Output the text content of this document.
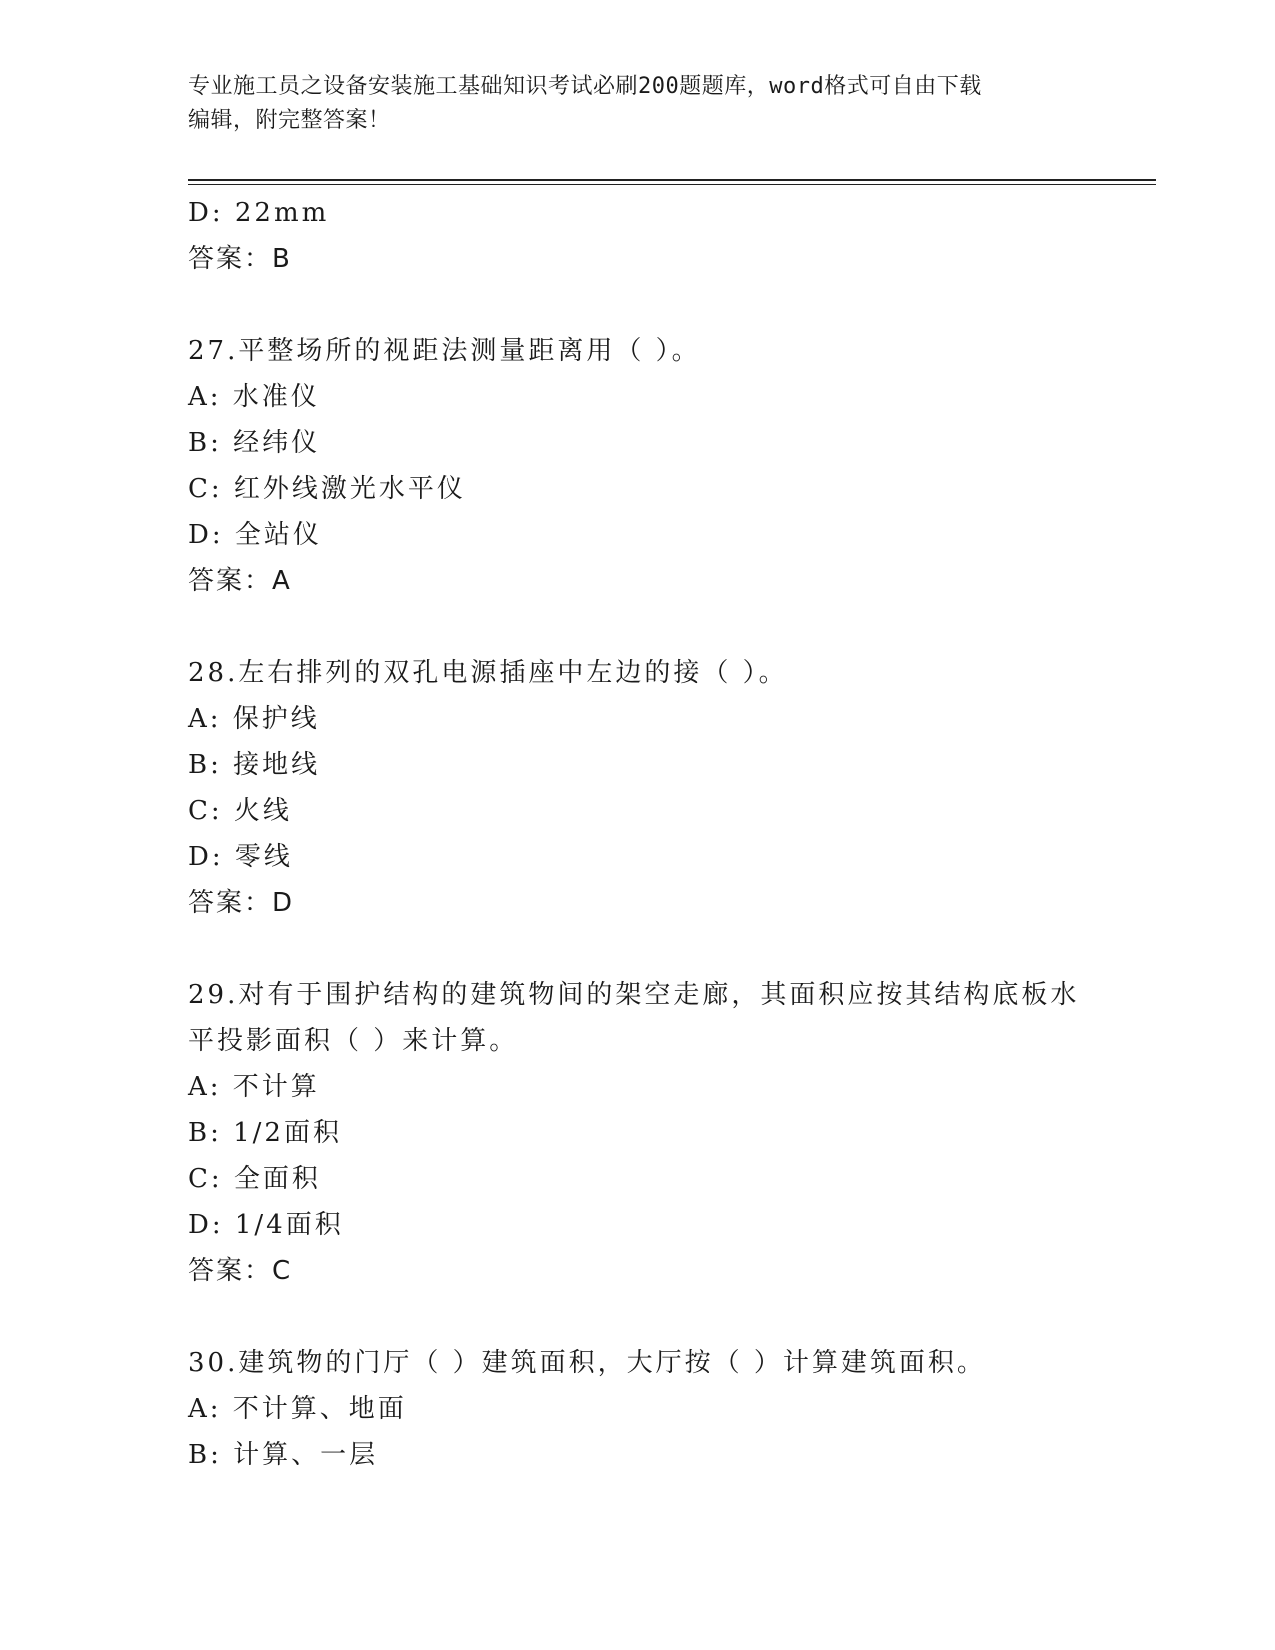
专业施工员之设备安装施工基础知识考试必刷200题题库，word格式可自由下载
编辑，附完整答案！
D: 22mm
答案：B
27.平整场所的视距法测量距离用（ ）。
A: 水准仪
B: 经纬仪
C: 红外线激光水平仪
D: 全站仪
答案：A
28.左右排列的双孔电源插座中左边的接（ ）。
A: 保护线
B: 接地线
C: 火线
D: 零线
答案：D
29.对有于围护结构的建筑物间的架空走廊，其面积应按其结构底板水
平投影面积（ ）来计算。
A: 不计算
B: 1/2面积
C: 全面积
D: 1/4面积
答案：C
30.建筑物的门厅（ ）建筑面积，大厅按（ ）计算建筑面积。
A: 不计算、地面
B: 计算、一层
